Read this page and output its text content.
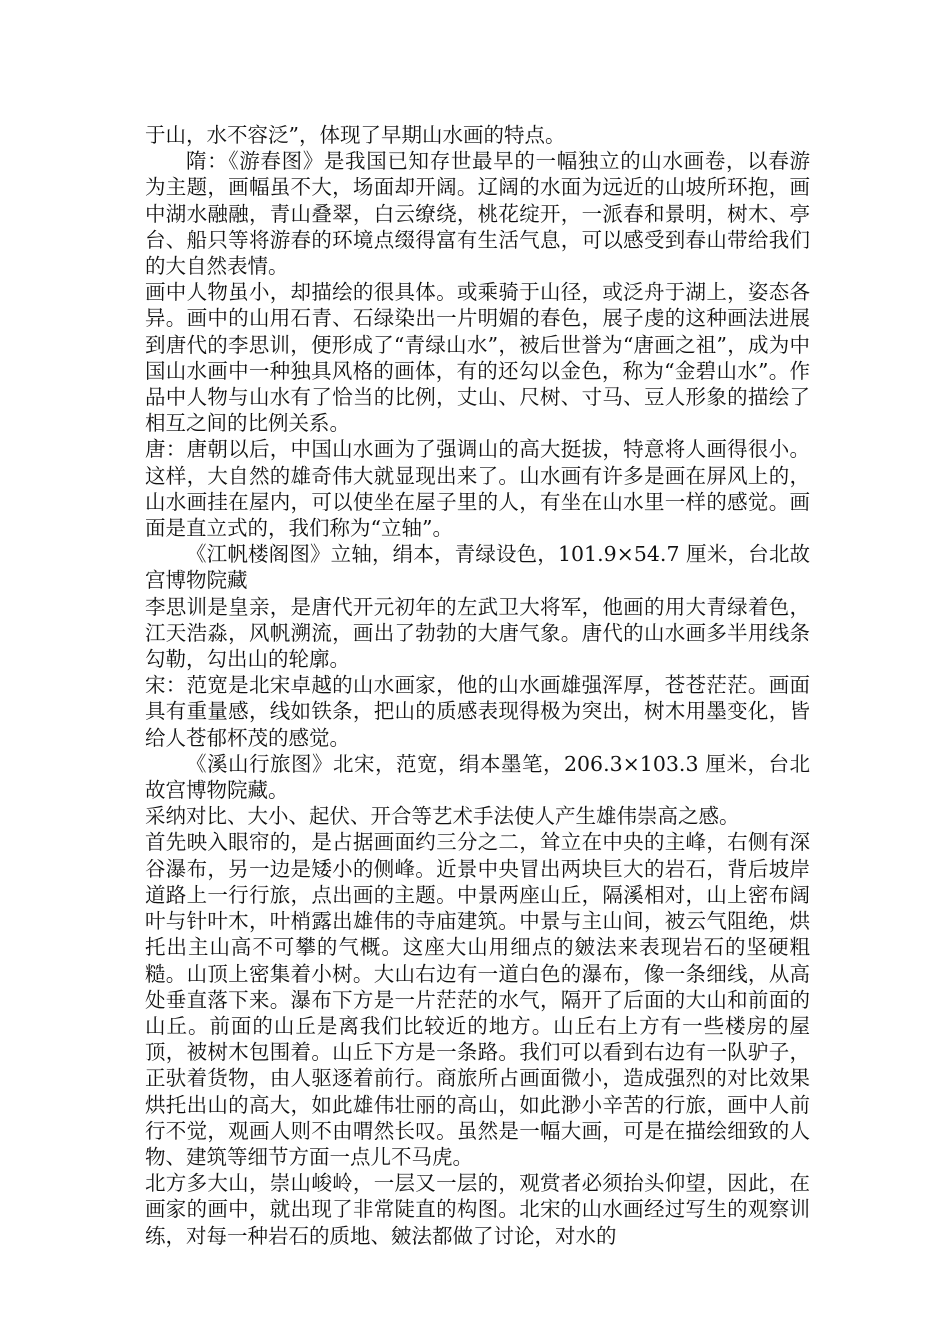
于山，水不容泛”，体现了早期山水画的特点。

隋：《游春图》是我国已知存世最早的一幅独立的山水画卷，以春游为主题，画幅虽不大，场面却开阔。辽阔的水面为远近的山坡所环抱，画中湖水融融，青山叠翠，白云缭绕，桃花绽开，一派春和景明，树木、亭台、船只等将游春的环境点缀得富有生活气息，可以感受到春山带给我们的大自然表情。

画中人物虽小，却描绘的很具体。或乘骑于山径，或泛舟于湖上，姿态各异。画中的山用石青、石绿染出一片明媚的春色，展子虔的这种画法进展到唐代的李思训，便形成了“青绿山水”，被后世誉为“唐画之祖”，成为中国山水画中一种独具风格的画体，有的还勾以金色，称为“金碧山水”。作品中人物与山水有了恰当的比例，丈山、尺树、寸马、豆人形象的描绘了相互之间的比例关系。

唐：唐朝以后，中国山水画为了强调山的高大挺拔，特意将人画得很小。这样，大自然的雄奇伟大就显现出来了。山水画有许多是画在屏风上的，山水画挂在屋内，可以使坐在屋子里的人，有坐在山水里一样的感觉。画面是直立式的，我们称为“立轴”。

《江帆楼阁图》立轴，绢本，青绿设色，101.9×54.7 厘米，台北故宫博物院藏

李思训是皇亲，是唐代开元初年的左武卫大将军，他画的用大青绿着色，江天浩淼，风帆溯流，画出了勃勃的大唐气象。唐代的山水画多半用线条勾勒，勾出山的轮廓。

宋：范宽是北宋卓越的山水画家，他的山水画雄强浑厚，苍苍茫茫。画面具有重量感，线如铁条，把山的质感表现得极为突出，树木用墨变化，皆给人苍郁杯茂的感觉。

《溪山行旅图》北宋，范宽，绢本墨笔，206.3×103.3 厘米，台北故宫博物院藏。

采纳对比、大小、起伏、开合等艺术手法使人产生雄伟崇高之感。

首先映入眼帘的，是占据画面约三分之二，耸立在中央的主峰，右侧有深谷瀑布，另一边是矮小的侧峰。近景中央冒出两块巨大的岩石，背后坡岸道路上一行行旅，点出画的主题。中景两座山丘，隔溪相对，山上密布阔叶与针叶木，叶梢露出雄伟的寺庙建筑。中景与主山间，被云气阻绝，烘托出主山高不可攀的气概。这座大山用细点的皴法来表现岩石的坚硬粗糙。山顶上密集着小树。大山右边有一道白色的瀑布，像一条细线，从高处垂直落下来。瀑布下方是一片茫茫的水气，隔开了后面的大山和前面的山丘。前面的山丘是离我们比较近的地方。山丘右上方有一些楼房的屋顶，被树木包围着。山丘下方是一条路。我们可以看到右边有一队驴子，正驮着货物，由人驱逐着前行。商旅所占画面微小，造成强烈的对比效果烘托出山的高大，如此雄伟壮丽的高山，如此渺小辛苦的行旅，画中人前行不觉，观画人则不由喟然长叹。虽然是一幅大画，可是在描绘细致的人物、建筑等细节方面一点儿不马虎。

北方多大山，崇山峻岭，一层又一层的，观赏者必须抬头仰望，因此，在画家的画中，就出现了非常陡直的构图。北宋的山水画经过写生的观察训练，对每一种岩石的质地、皴法都做了讨论，对水的
